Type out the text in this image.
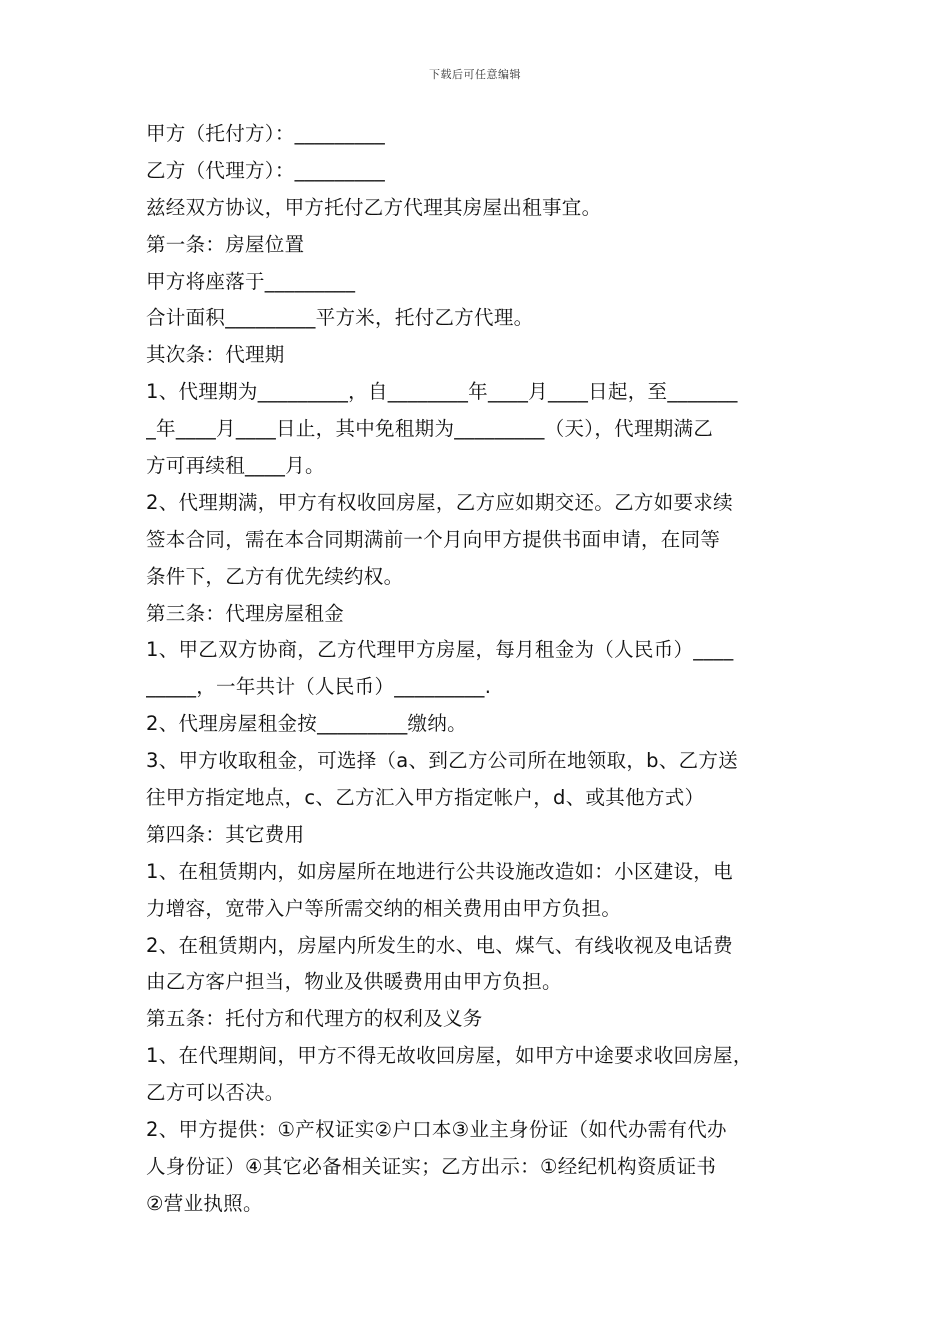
下载后可任意编辑
甲方（托付方）：_________
乙方（代理方）：_________
兹经双方协议，甲方托付乙方代理其房屋出租事宜。
第一条：房屋位置
甲方将座落于_________
合计面积_________平方米，托付乙方代理。
其次条：代理期
1、代理期为_________，自________年____月____日起，至_______
_年____月____日止，其中免租期为_________（天），代理期满乙
方可再续租____月。
2、代理期满，甲方有权收回房屋，乙方应如期交还。乙方如要求续
签本合同，需在本合同期满前一个月向甲方提供书面申请，在同等
条件下，乙方有优先续约权。
第三条：代理房屋租金
1、甲乙双方协商，乙方代理甲方房屋，每月租金为（人民币）____
_____，一年共计（人民币）_________.
2、代理房屋租金按_________缴纳。
3、甲方收取租金，可选择（a、到乙方公司所在地领取，b、乙方送
往甲方指定地点，c、乙方汇入甲方指定帐户，d、或其他方式）
第四条：其它费用
1、在租赁期内，如房屋所在地进行公共设施改造如：小区建设，电
力增容，宽带入户等所需交纳的相关费用由甲方负担。
2、在租赁期内，房屋内所发生的水、电、煤气、有线收视及电话费
由乙方客户担当，物业及供暖费用由甲方负担。
第五条：托付方和代理方的权利及义务
1、在代理期间，甲方不得无故收回房屋，如甲方中途要求收回房屋，
乙方可以否决。
2、甲方提供：①产权证实②户口本③业主身份证（如代办需有代办
人身份证）④其它必备相关证实；乙方出示：①经纪机构资质证书
②营业执照。
